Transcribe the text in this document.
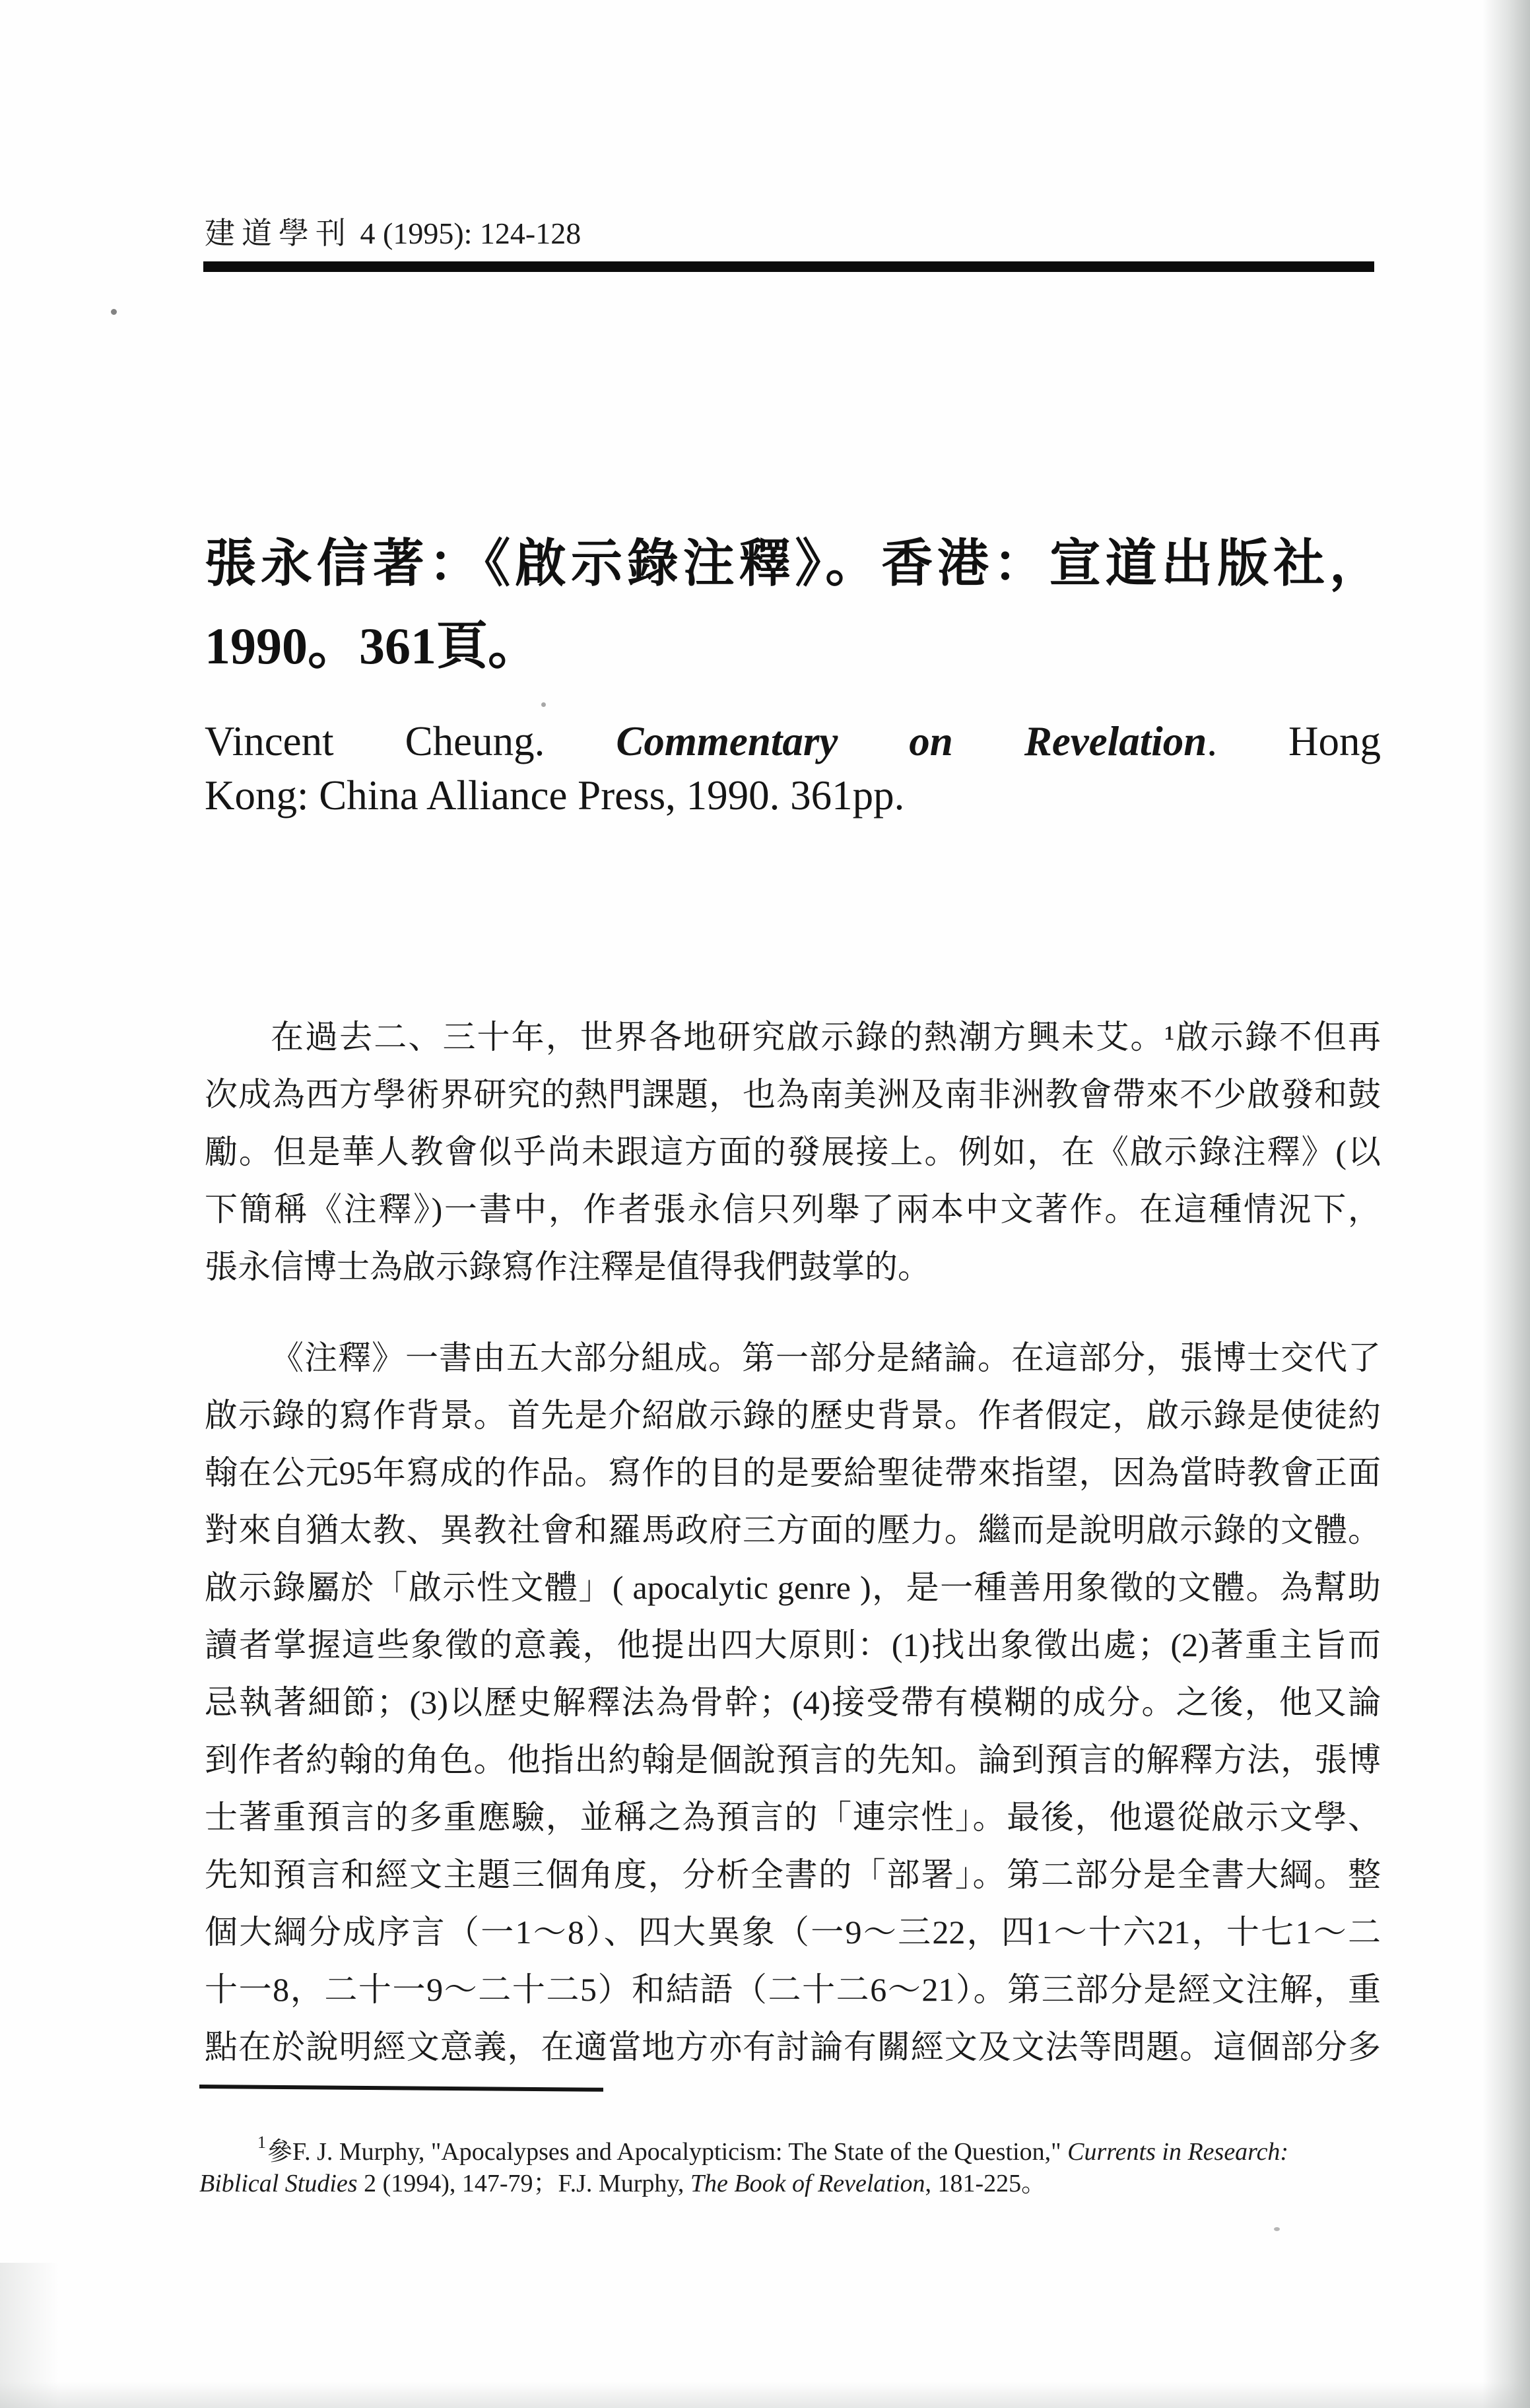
建道學刊 4 (1995): 124-128
張永信著：《啟示錄注釋》。香港：宣道出版社，
1990。361頁。
Vincent Cheung. Commentary on Revelation. Hong
Kong: China Alliance Press, 1990. 361pp.
在過去二、三十年，世界各地研究啟示錄的熱潮方興未艾。¹啟示錄不但再
次成為西方學術界研究的熱門課題，也為南美洲及南非洲教會帶來不少啟發和鼓
勵。但是華人教會似乎尚未跟這方面的發展接上。例如，在《啟示錄注釋》(以
下簡稱《注釋》)一書中，作者張永信只列舉了兩本中文著作。在這種情況下，
張永信博士為啟示錄寫作注釋是值得我們鼓掌的。
《注釋》一書由五大部分組成。第一部分是緒論。在這部分，張博士交代了
啟示錄的寫作背景。首先是介紹啟示錄的歷史背景。作者假定，啟示錄是使徒約
翰在公元95年寫成的作品。寫作的目的是要給聖徒帶來指望，因為當時教會正面
對來自猶太教、異教社會和羅馬政府三方面的壓力。繼而是說明啟示錄的文體。
啟示錄屬於「啟示性文體」( apocalytic genre )，是一種善用象徵的文體。為幫助
讀者掌握這些象徵的意義，他提出四大原則：(1)找出象徵出處；(2)著重主旨而
忌執著細節；(3)以歷史解釋法為骨幹；(4)接受帶有模糊的成分。之後，他又論
到作者約翰的角色。他指出約翰是個說預言的先知。論到預言的解釋方法，張博
士著重預言的多重應驗，並稱之為預言的「連宗性」。最後，他還從啟示文學、
先知預言和經文主題三個角度，分析全書的「部署」。第二部分是全書大綱。整
個大綱分成序言（一1～8）、四大異象（一9～三22，四1～十六21，十七1～二
十一8，二十一9～二十二5）和結語（二十二6～21）。第三部分是經文注解，重
點在於說明經文意義，在適當地方亦有討論有關經文及文法等問題。這個部分多
$^1$參F. J. Murphy, "Apocalypses and Apocalypticism: The State of the Question," Currents in Research:
Biblical Studies 2 (1994), 147-79；F.J. Murphy, The Book of Revelation, 181-225。
